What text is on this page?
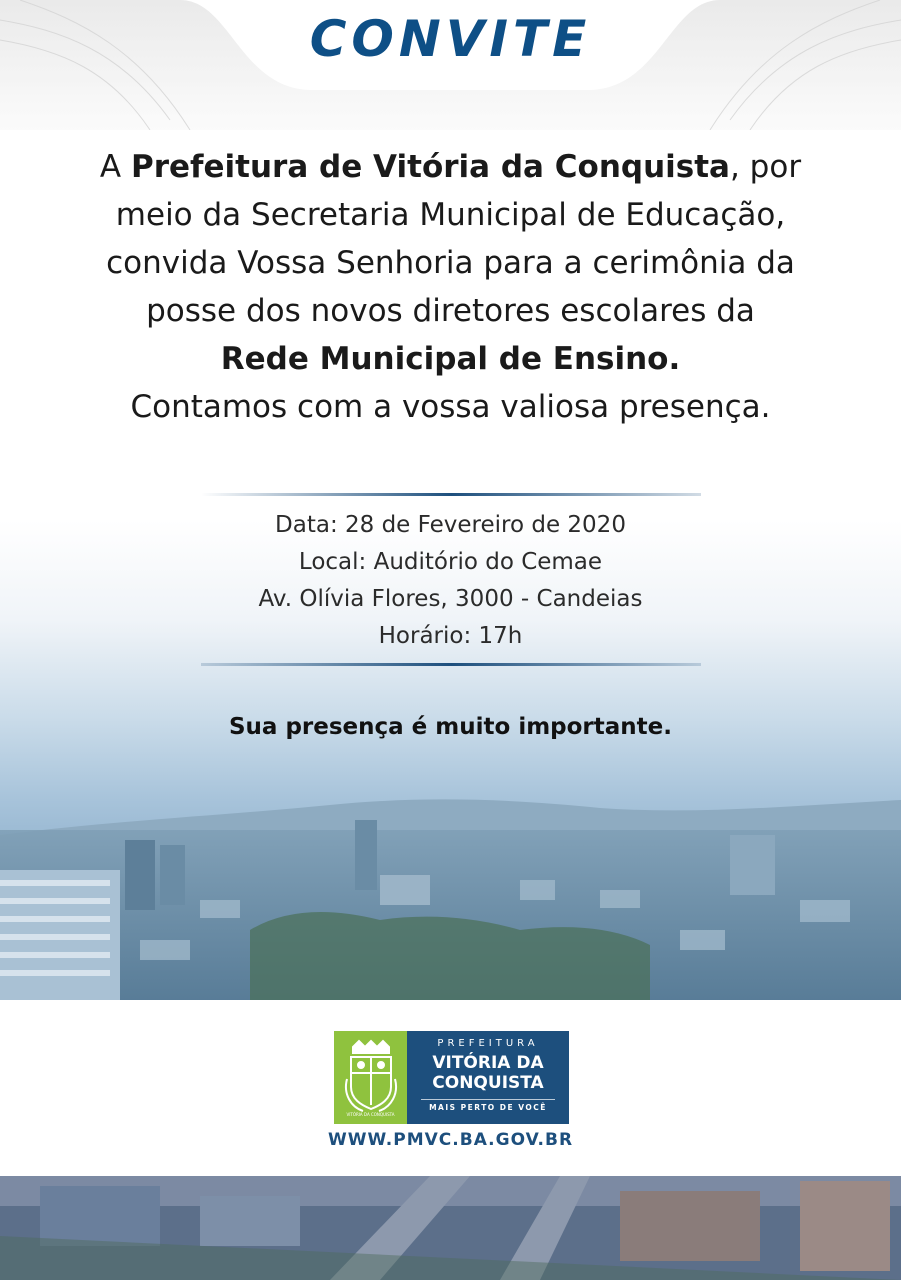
CONVITE
A Prefeitura de Vitória da Conquista, por
meio da Secretaria Municipal de Educação,
convida Vossa Senhoria para a cerimônia da
posse dos novos diretores escolares da
Rede Municipal de Ensino.
Contamos com a vossa valiosa presença.
Data: 28 de Fevereiro de 2020
Local: Auditório do Cemae
Av. Olívia Flores, 3000 - Candeias
Horário: 17h
Sua presença é muito importante.
VITÓRIA DA CONQUISTA
PREFEITURA
VITÓRIA DA
CONQUISTA
MAIS PERTO DE VOCÊ
WWW.PMVC.BA.GOV.BR
